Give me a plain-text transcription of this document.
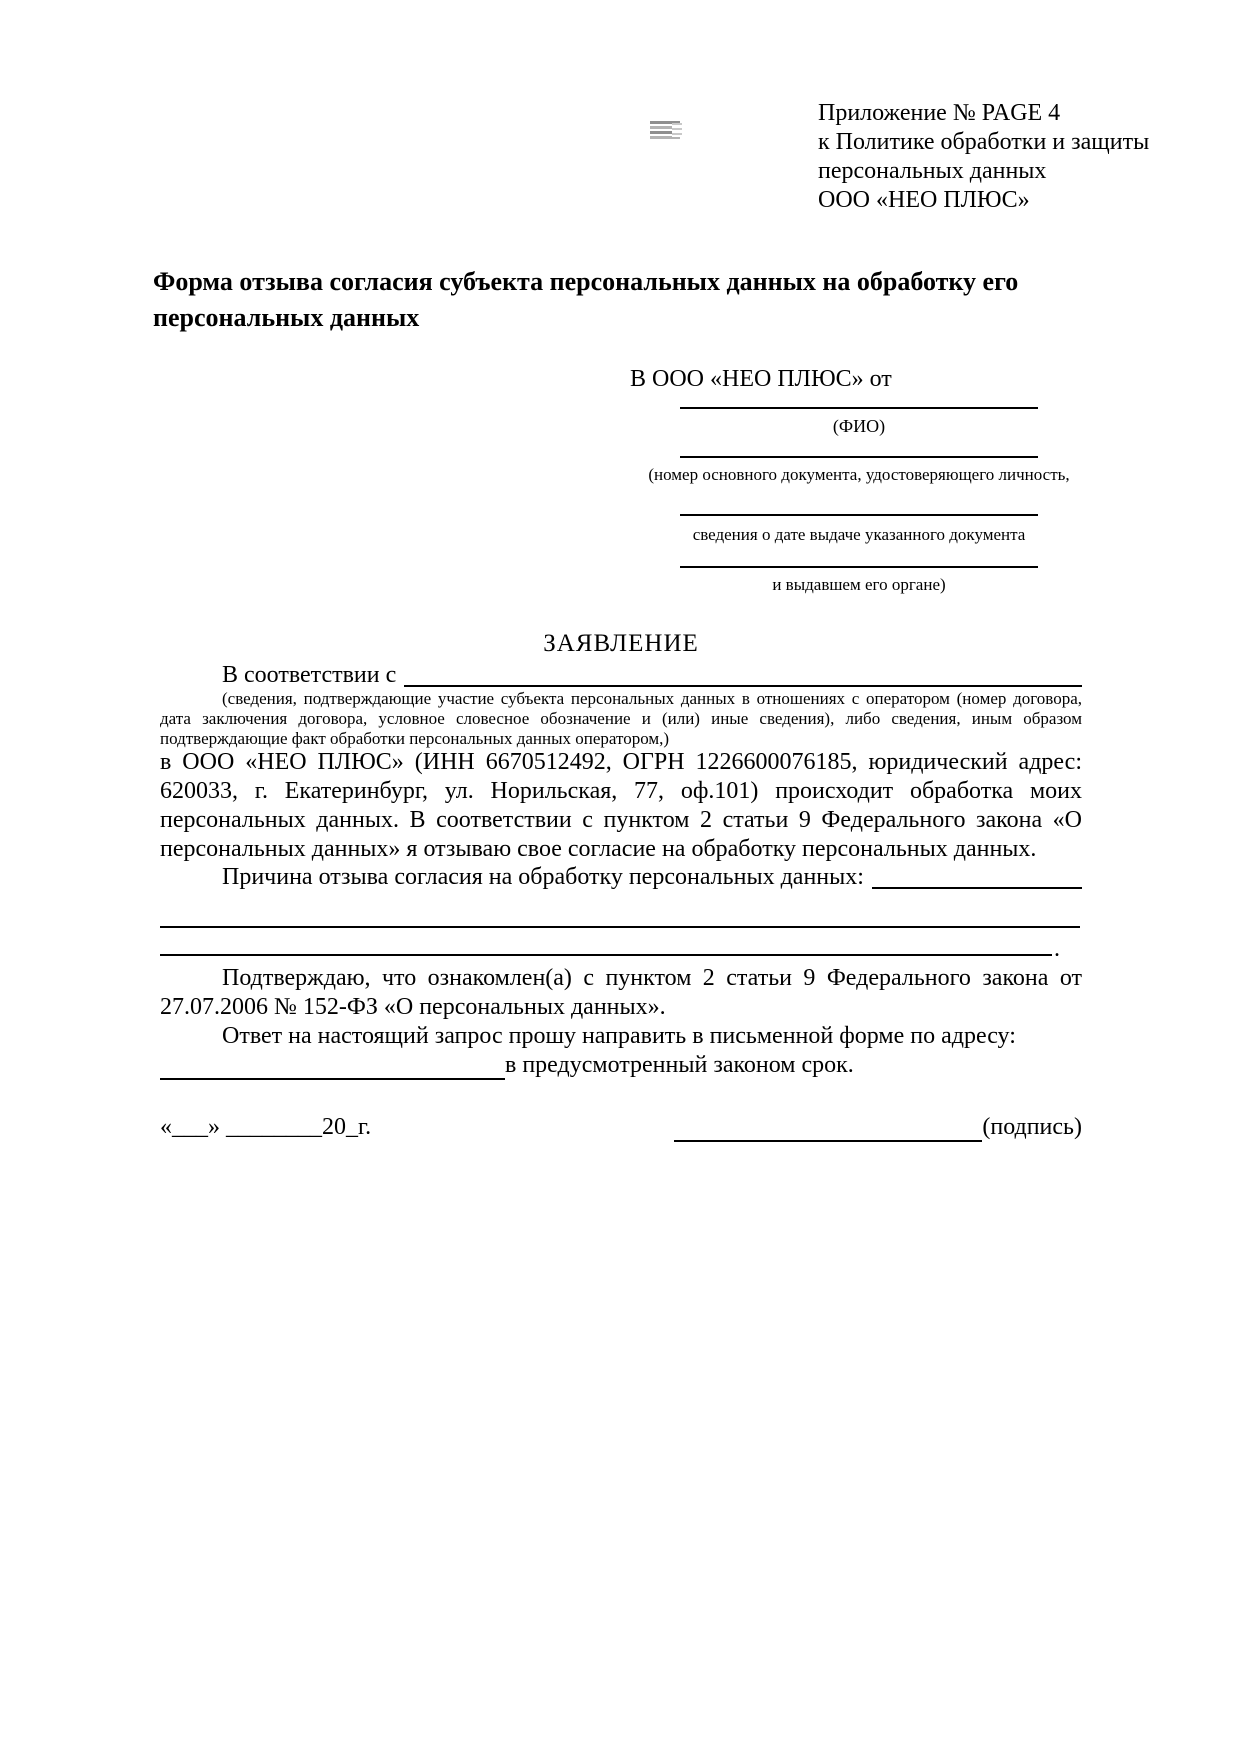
Приложение № PAGE 4
к Политике обработки и защиты
персональных данных
ООО «НЕО ПЛЮС»
Форма отзыва согласия субъекта персональных данных на обработку его персональных данных
В ООО «НЕО ПЛЮС» от
(ФИО)
(номер основного документа, удостоверяющего личность,
сведения о дате выдаче указанного документа
и выдавшем его органе)
ЗАЯВЛЕНИЕ
В соответствии с
(сведения, подтверждающие участие субъекта персональных данных в отношениях с оператором (номер договора, дата заключения договора, условное словесное обозначение и (или) иные сведения), либо сведения, иным образом подтверждающие факт обработки персональных данных оператором,)
в ООО «НЕО ПЛЮС» (ИНН 6670512492, ОГРН 1226600076185, юридический адрес: 620033, г. Екатеринбург, ул. Норильская, 77, оф.101) происходит обработка моих персональных данных. В соответствии с пунктом 2 статьи 9 Федерального закона «О персональных данных» я отзываю свое согласие на обработку персональных данных.
Причина отзыва согласия на обработку персональных данных:
.
Подтверждаю, что ознакомлен(а) с пунктом 2 статьи 9 Федерального закона от 27.07.2006 № 152-ФЗ «О персональных данных».
Ответ на настоящий запрос прошу направить в письменной форме по адресу:
в предусмотренный законом срок.
«___» ________20_г.	(подпись)
